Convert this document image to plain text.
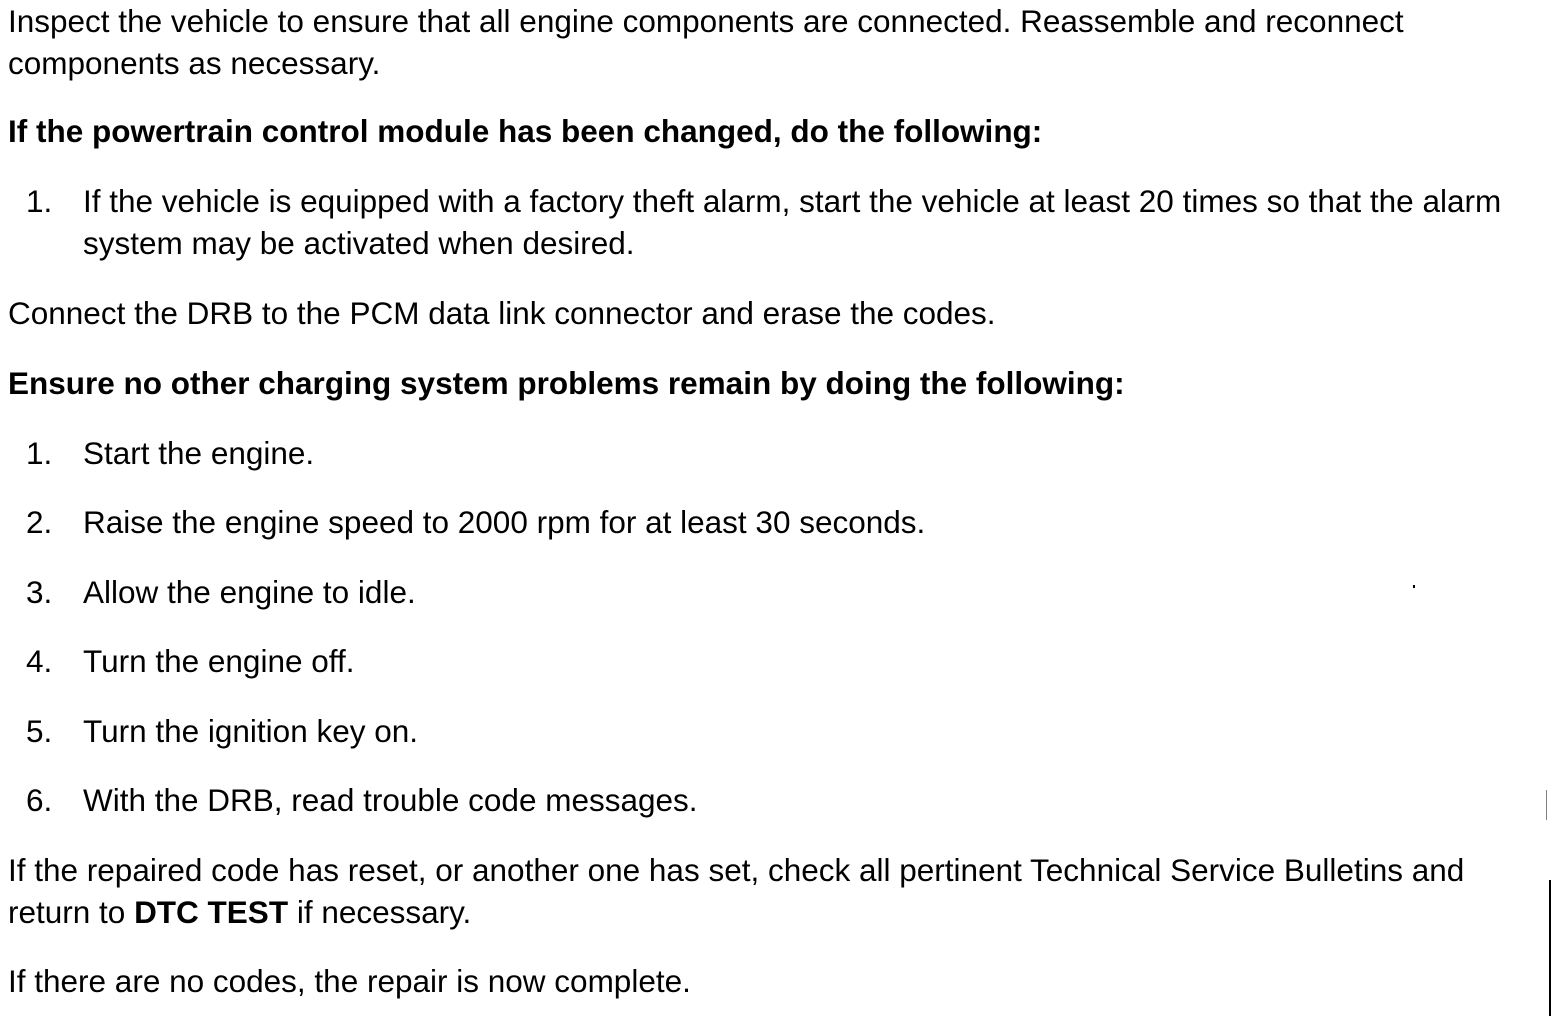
Inspect the vehicle to ensure that all engine components are connected. Reassemble and reconnect components as necessary.

If the powertrain control module has been changed, do the following:

1. If the vehicle is equipped with a factory theft alarm, start the vehicle at least 20 times so that the alarm system may be activated when desired.

Connect the DRB to the PCM data link connector and erase the codes.

Ensure no other charging system problems remain by doing the following:

1. Start the engine.
2. Raise the engine speed to 2000 rpm for at least 30 seconds.
3. Allow the engine to idle.
4. Turn the engine off.
5. Turn the ignition key on.
6. With the DRB, read trouble code messages.

If the repaired code has reset, or another one has set, check all pertinent Technical Service Bulletins and return to DTC TEST if necessary.

If there are no codes, the repair is now complete.
